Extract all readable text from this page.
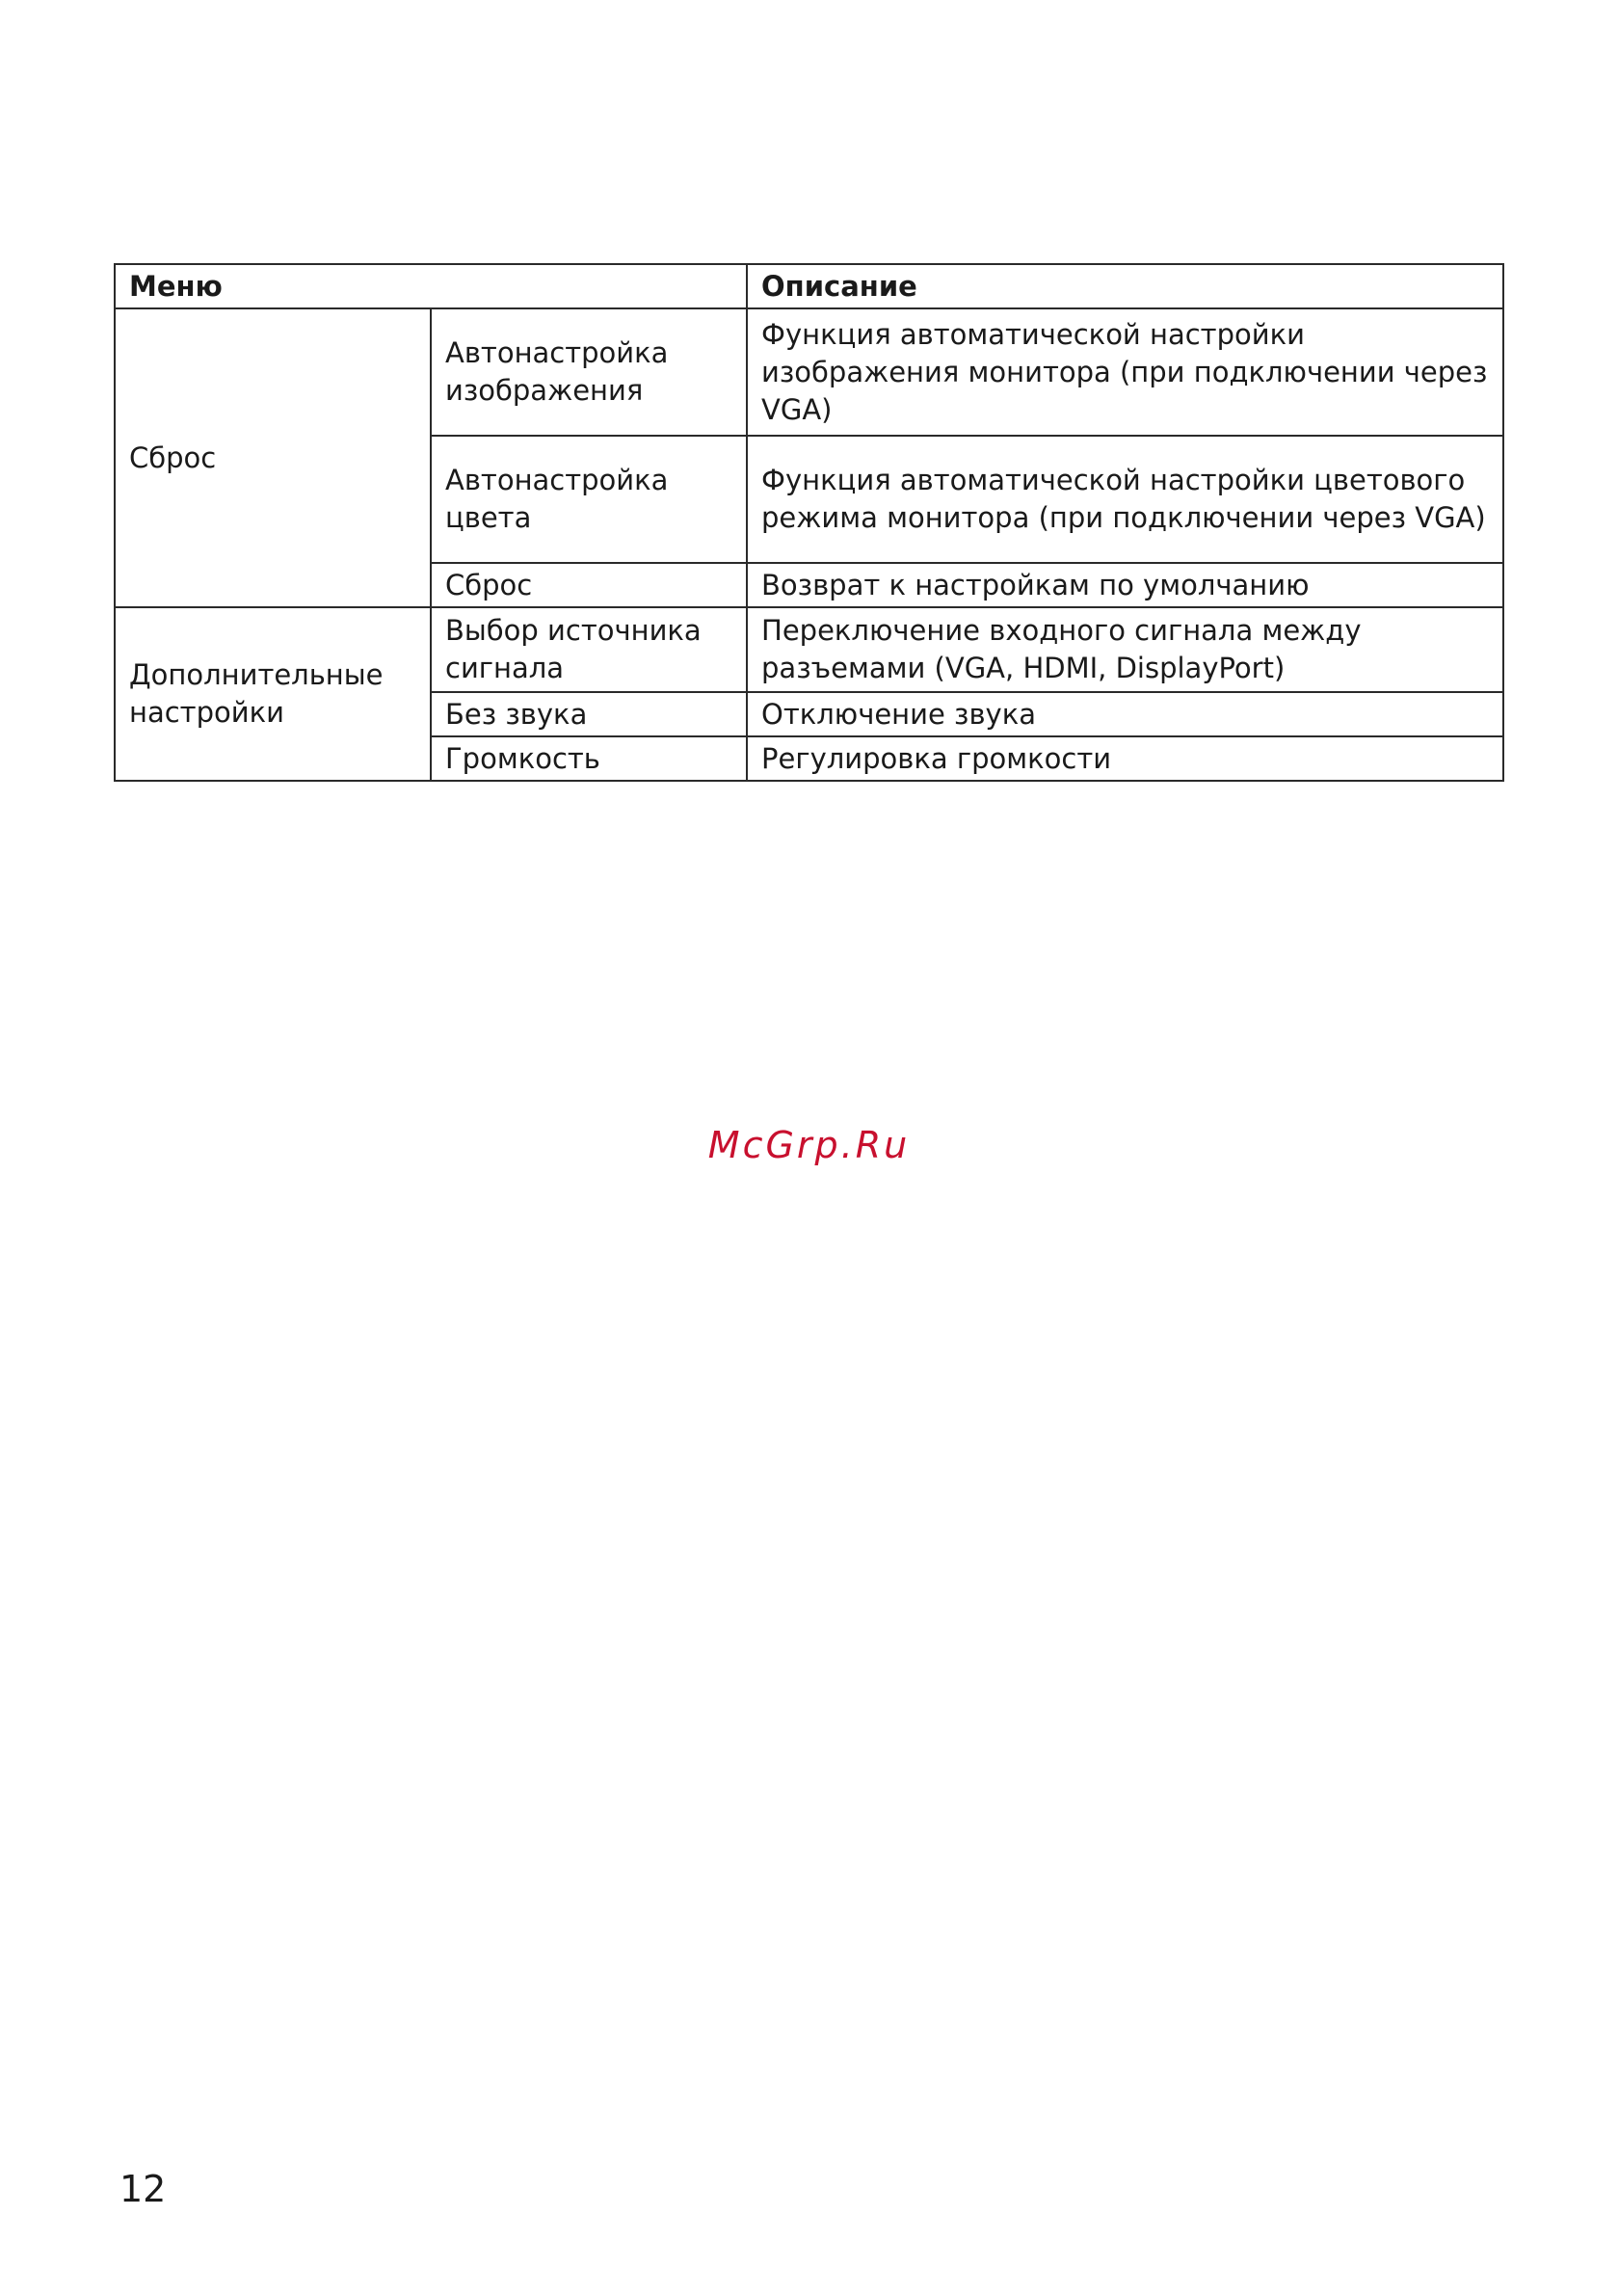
Меню		Описание
Сброс	Автонастройка изображения	Функция автоматической настройки изображения монитора (при подключении через VGA)
	Автонастройка цвета	Функция автоматической настройки цветового режима монитора (при подключении через VGA)
	Сброс	Возврат к настройкам по умолчанию
Дополнительные настройки	Выбор источника сигнала	Переключение входного сигнала между разъемами (VGA, HDMI, DisplayPort)
	Без звука	Отключение звука
	Громкость	Регулировка громкости
McGrp.Ru
12
